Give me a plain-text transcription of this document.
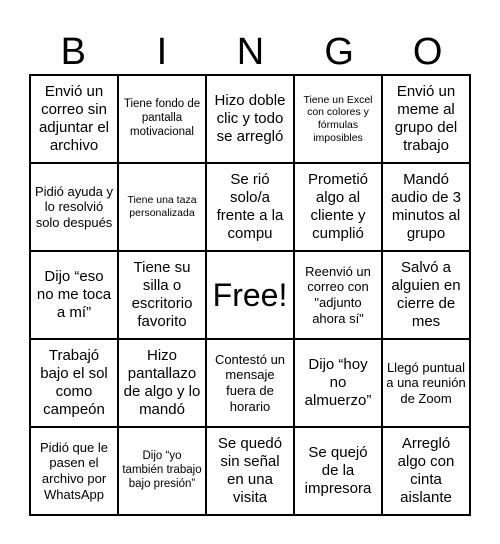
B	I	N	G	O
Envió un correo sin adjuntar el archivo
Tiene fondo de pantalla motivacional
Hizo doble clic y todo se arregló
Tiene un Excel con colores y fórmulas imposibles
Envió un meme al grupo del trabajo
Pidió ayuda y lo resolvió solo después
Tiene una taza personalizada
Se rió solo/a frente a la compu
Prometió algo al cliente y cumplió
Mandó audio de 3 minutos al grupo
Dijo “eso no me toca a mí”
Tiene su silla o escritorio favorito
Free!
Reenvió un correo con "adjunto ahora sí"
Salvó a alguien en cierre de mes
Trabajó bajo el sol como campeón
Hizo pantallazo de algo y lo mandó
Contestó un mensaje fuera de horario
Dijo “hoy no almuerzo”
Llegó puntual a una reunión de Zoom
Pidió que le pasen el archivo por WhatsApp
Dijo “yo también trabajo bajo presión”
Se quedó sin señal en una visita
Se quejó de la impresora
Arregló algo con cinta aislante
